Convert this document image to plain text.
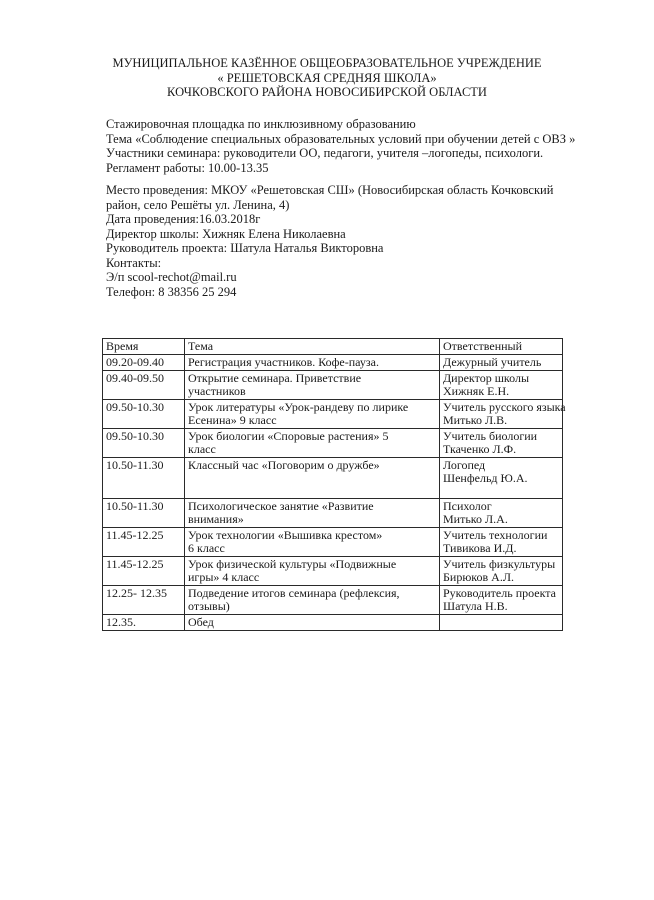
МУНИЦИПАЛЬНОЕ КАЗЁННОЕ ОБЩЕОБРАЗОВАТЕЛЬНОЕ УЧРЕЖДЕНИЕ
« РЕШЕТОВСКАЯ СРЕДНЯЯ ШКОЛА»
КОЧКОВСКОГО РАЙОНА НОВОСИБИРСКОЙ ОБЛАСТИ
Стажировочная площадка по инклюзивному образованию
Тема «Соблюдение специальных образовательных условий при обучении детей с ОВЗ »
Участники семинара: руководители ОО, педагоги, учителя –логопеды, психологи.
Регламент работы: 10.00-13.35
Место проведения: МКОУ «Решетовская СШ» (Новосибирская область Кочковский
район, село Решёты ул. Ленина, 4)
Дата проведения:16.03.2018г
Директор школы: Хижняк Елена Николаевна
Руководитель проекта: Шатула Наталья Викторовна
Контакты:
Э/п scool-rechot@mail.ru
Телефон: 8 38356 25 294
Время	Тема	Ответственный
09.20-09.40	Регистрация участников. Кофе-пауза.	Дежурный учитель

09.40-09.50	Открытие семинара. Приветствие
участников	Директор школы
Хижняк Е.Н.

09.50-10.30	Урок литературы «Урок-рандеву по лирике
Есенина» 9 класс	Учитель русского языка
Митько Л.В.

09.50-10.30	Урок биологии «Споровые растения» 5
класс	Учитель биологии
Ткаченко Л.Ф.

10.50-11.30	Классный час «Поговорим о дружбе»	Логопед
Шенфельд Ю.А.

10.50-11.30	Психологическое занятие «Развитие
внимания»	Психолог
Митько Л.А.

11.45-12.25	Урок технологии «Вышивка крестом»
6 класс	Учитель технологии
Тивикова И.Д.

11.45-12.25	Урок физической культуры «Подвижные
игры» 4 класс	Учитель физкультуры
Бирюков А.Л.

12.25- 12.35	Подведение итогов семинара (рефлексия,
отзывы)	Руководитель проекта
Шатула Н.В.

12.35.	Обед	
